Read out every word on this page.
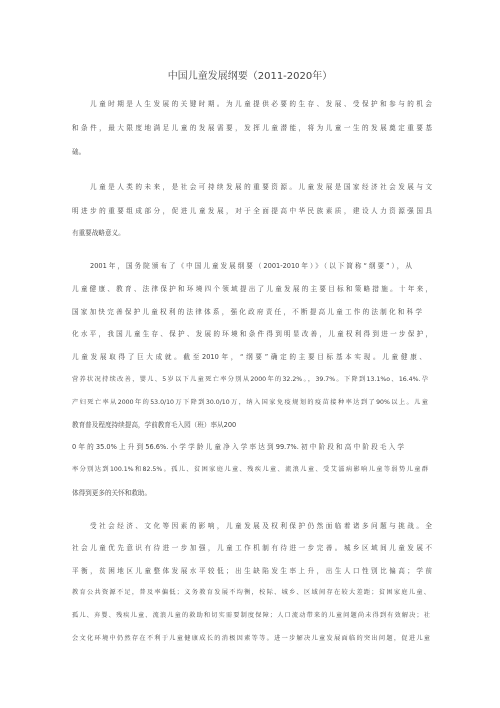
中国儿童发展纲要（2011-2020年）
儿童时期是人生发展的关键时期。为儿童提供必要的生存、发展、受保护和参与的机会
和条件，最大限度地满足儿童的发展需要，发挥儿童潜能，将为儿童一生的发展奠定重要基
础。
儿童是人类的未来，是社会可持续发展的重要资源。儿童发展是国家经济社会发展与文
明进步的重要组成部分，促进儿童发展，对于全面提高中华民族素质，建设人力资源强国具
有重要战略意义。
2001年，国务院颁布了《中国儿童发展纲要（2001-2010年）》（以下简称“纲要”），从
儿童健康、教育、法律保护和环境四个领域提出了儿童发展的主要目标和策略措施。十年来，
国家加快完善保护儿童权利的法律体系，强化政府责任，不断提高儿童工作的法制化和科学
化水平，我国儿童生存、保护、发展的环境和条件得到明显改善，儿童权利得到进一步保护，
儿童发展取得了巨大成就。截至2010年，“纲要”确定的主要目标基本实现。儿童健康、
营养状况持续改善，婴儿、5岁以下儿童死亡率分别从2000年的32.2%。，39.7%。下降到13.1%o、16.4%.孕
产妇死亡率从2000年的53.0/10万下降到30.0/10万，纳入国家免疫规划的疫苗接种率达到了90%以上。儿童
教育普及程度持续提高，学前教育毛入园（班）率从200
0年的35.0%上升到56.6%.小学学龄儿童净入学率达到99.7%.初中阶段和高中阶段毛入学
率分别达到100.1%和82.5%。孤儿、贫困家庭儿童、残疾儿童、流浪儿童、受艾滋病影响儿童等弱势儿童群
体得到更多的关怀和救助。
受社会经济、文化等因素的影响，儿童发展及权利保护仍然面临着诸多问题与挑战。全
社会儿童优先意识有待进一步加强，儿童工作机制有待进一步完善。城乡区域间儿童发展不
平衡，贫困地区儿童整体发展水平较低；出生缺陷发生率上升，出生人口性别比偏高；学前
教育公共资源不足，普及率偏低；义务教育发展不均衡，校际、城乡、区域间存在较大差距；贫困家庭儿童、
孤儿、弃婴、残疾儿童、流浪儿童的救助和切实需要制度保障；人口流动带来的儿童问题尚未得到有效解决；社
会文化环境中仍然存在不利于儿童健康成长的消极因素等等。进一步解决儿童发展面临的突出问题，促进儿童
